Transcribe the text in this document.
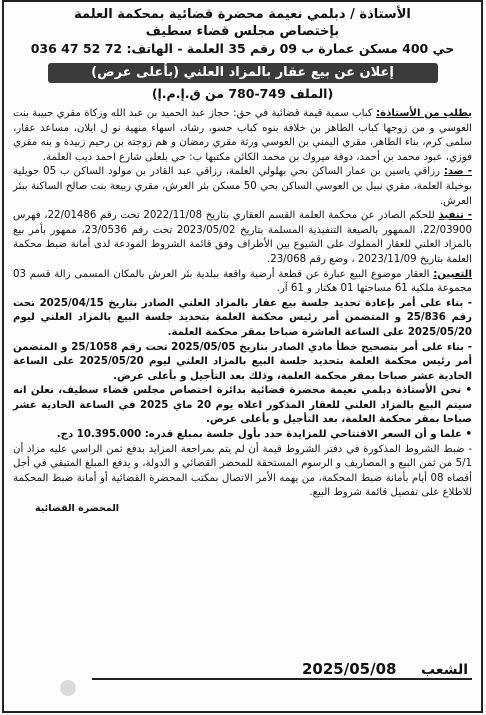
الأستاذة / دبلمي نعيمة محضرة قضائية بمحكمة العلمة
بإختصاص مجلس قضاء سطيف
حي 400 مسكن عمارة ب 09 رقم 35 العلمة - الهاتف: 72 52 47 036
إعلان عن بيع عقار بالمزاد العلني (بأعلى عرض)
(الملف 749-780 من ق.إ.م.إ)

بطلب من الأستاذة: كباب سمية قيمة قضائية في حق: حجاز عبد الحميد بن عبد الله وزكاة مقري حبيبة بنت العوسي و من زوجها كباب الطاهر بن خلافة بنوه كباب حسو، رشاد، اسهاء منهية نو ل ايلان، مساعد عقار، سلمى كرم، بناء الطاهر، مقري اليمني بن العوسي ورثة مقري رمضان و هم زوجته بن رحيم زبيدة و بنه مقري فوزي، عبود محمد بن أحمد، دوقة ميروك بن محمد الكائن مكتبها ب: حي بلعلى شارع احمد ديب العلمة.

- ضد: رزاقي ياسين بن عمار الساكن بحي بهلولي العلمة، رزاقي عبد القادر بن مولود الساكن ب 05 جويلية بوخيلة العلمة، مقري نبيل بن العوسي الساكن بحي 50 مسكن بئر العرش، مقري ربيعة بنت صالح الساكنة ببئر العرش.

- تنفيذ للحكم الصادر عن محكمة العلمة القسم العقاري بتاريخ 2022/11/08 تحت رقم 22/01486، فهرس 22/03900، الممهور بالصيغة التنفيذية المسلمة بتاريخ 2023/05/02 تحت رقم 23/0536، ممهور بأمر بيع بالمزاد العلني للعقار المملوك على الشيوع بين الأطراف وفق قائمة الشروط المودعة لدى أمانة ضبط محكمة العلمة بتاريخ 2023/11/09 ، وضع رقم 23/068.

التعيين: العقار موضوع البيع عبارة عن قطعة أرضية واقعة ببلدية بئر العرش بالمكان المسمى زالة قسم 03 مجموعة ملكية 61 مساحتها 01 هكتار و 61 آر.

- بناء على أمر بإعادة تحديد جلسة بيع عقار بالمزاد العلني الصادر بتاريخ 2025/04/15 تحت رقم 25/836 و المتضمن أمر رئيس محكمة العلمة بتحديد جلسة البيع بالمزاد العلني ليوم 2025/05/20 على الساعة العاشرة صباحا بمقر محكمة العلمة.

- بناء على أمر بتصحيح خطأ مادي الصادر بتاريخ 2025/05/05 تحت رقم 25/1058 و المتضمن أمر رئيس محكمة العلمة بتحديد جلسة البيع بالمزاد العلني ليوم 2025/05/20 على الساعة الحادية عشر صباحا بمقر محكمة العلمة، وذلك بعد التأجيل و بأعلى عرض.

• نحن الأستاذة دبلمي نعيمة محضرة قضائية بدائرة اختصاص مجلس قضاء سطيف، نعلن انه سيتم البيع بالمزاد العلني للعقار المذكور اعلاه يوم 20 ماي 2025 في الساعة الحادية عشر صباحا بمقر محكمة العلمة، بعد التأجيل و بأعلى عرض.

• علما و أن السعر الافتتاحي للمزايدة حدد بأول جلسة بمبلغ قدره: 10.395.000 دج.

- ضبط الشروط المذكورة في دفتر الشروط قيمة أن لم يتم بمراجعة المزايد بدفع ثمن الراسي عليه مزاد أن 5/1 من ثمن البيع و المصاريف و الرسوم المستحقة للمحضر القضائي و الدولة، و يدفع المبلغ المتبقي في أجل أقصاه 08 أيام بأمانة ضبط المحكمة، من يهمه الأمر الاتصال بمكتب المحضرة القضائية أو أمانة ضبط المحكمة للاطلاع على تفصيل قائمة شروط البيع.

المحضرة القضائية
الشعب
2025/05/08
